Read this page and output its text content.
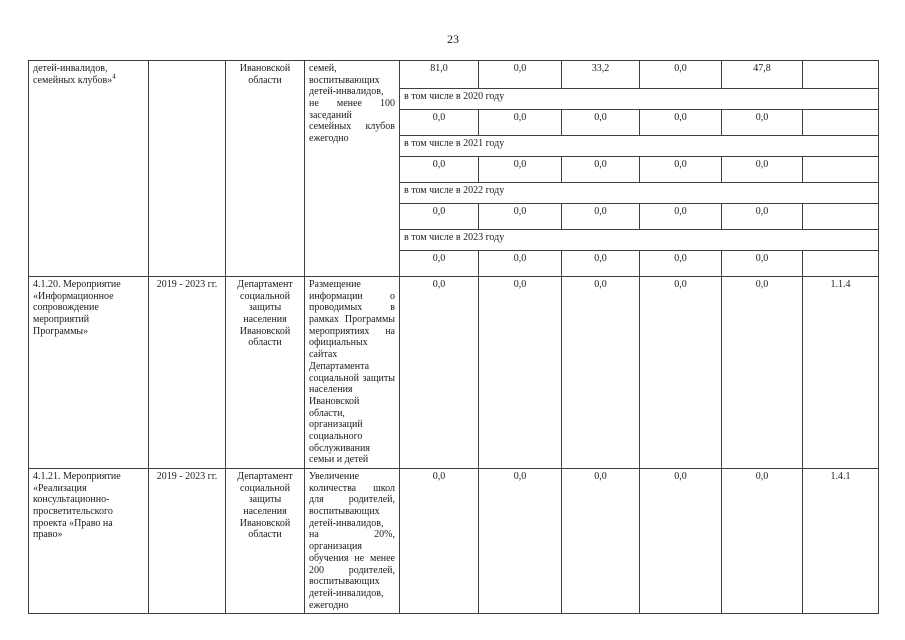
23
детей-инвалидов, семейных клубов»$^4$		Ивановской области	семей, воспитывающих детей-инвалидов, не менее 100 заседаний семейных клубов ежегодно	81,0	0,0	33,2	0,0	47,8	
				в том числе в 2020 году					
				0,0	0,0	0,0	0,0	0,0	
				в том числе в 2021 году					
				0,0	0,0	0,0	0,0	0,0	
				в том числе в 2022 году					
				0,0	0,0	0,0	0,0	0,0	
				в том числе в 2023 году					
				0,0	0,0	0,0	0,0	0,0	
4.1.20. Мероприятие «Информационное сопровождение мероприятий Программы»	2019 - 2023 гг.	Департамент социальной защиты населения Ивановской области	Размещение информации о проводимых в рамках Программы мероприятиях на официальных сайтах Департамента социальной защиты населения Ивановской области, организаций социального обслуживания семьи и детей	0,0	0,0	0,0	0,0	0,0	1.1.4
4.1.21. Мероприятие «Реализация консультационно-просветительского проекта «Право на право»	2019 - 2023 гг.	Департамент социальной защиты населения Ивановской области	Увеличение количества школ для родителей, воспитывающих детей-инвалидов, на 20%, организация обучения не менее 200 родителей, воспитывающих детей-инвалидов, ежегодно	0,0	0,0	0,0	0,0	0,0	1.4.1
